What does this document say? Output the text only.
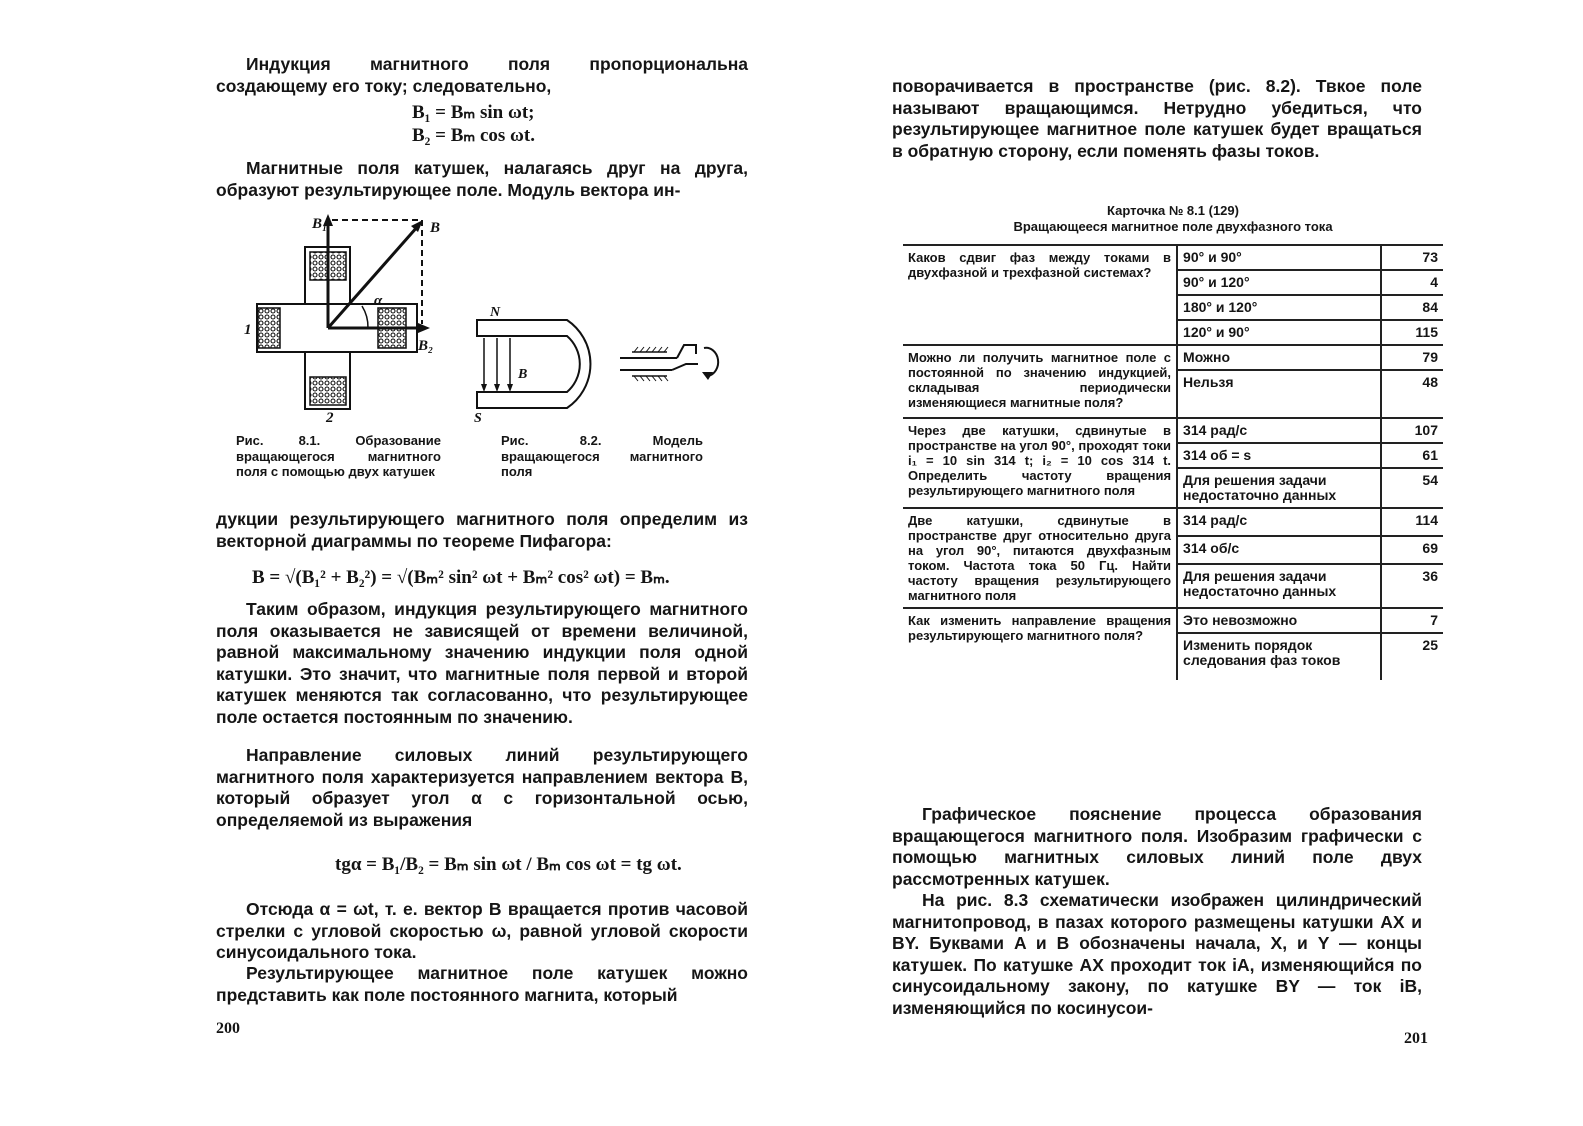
Индукция магнитного поля пропорциональна создающему его току; следовательно,

B₁ = Bₘ sin ωt;
B₂ = Bₘ cos ωt.

Магнитные поля катушек, налагаясь друг на друга, образуют результирующее поле. Модуль вектора ин-

B₁	B
B₂
α
1
2
N
S
B

Рис. 8.1. Образование вращающегося магнитного поля с помощью двух катушек

Рис. 8.2. Модель вращающегося магнитного поля

дукции результирующего магнитного поля определим из векторной диаграммы по теореме Пифагора:

B = √(B₁² + B₂²) = √(Bₘ² sin² ωt + Bₘ² cos² ωt) = Bₘ.

Таким образом, индукция результирующего магнитного поля оказывается не зависящей от времени величиной, равной максимальному значению индукции поля одной катушки. Это значит, что магнитные поля первой и второй катушек меняются так согласованно, что результирующее поле остается постоянным по значению.

Направление силовых линий результирующего магнитного поля характеризуется направлением вектора B, который образует угол α с горизонтальной осью, определяемой из выражения

tgα = B₁/B₂ = Bₘ sin ωt / Bₘ cos ωt = tg ωt.

Отсюда α = ωt, т. е. вектор B вращается против часовой стрелки с угловой скоростью ω, равной угловой скорости синусоидального тока.

Результирующее магнитное поле катушек можно представить как поле постоянного магнита, который

200

поворачивается в пространстве (рис. 8.2). Твкое поле называют вращающимся. Нетрудно убедиться, что результирующее магнитное поле катушек будет вращаться в обратную сторону, если поменять фазы токов.

Карточка № 8.1 (129)
Вращающееся магнитное поле двухфазного тока
Каков сдвиг фаз между токами в двухфазной и трехфазной системах?	90° и 90°	73
	90° и 120°	4
	180° и 120°	84
	120° и 90°	115
Можно ли получить магнитное поле с постоянной по значению индукцией, складывая периодически изменяющиеся магнитные поля?	Можно	79
	Нельзя	48
Через две катушки, сдвинутые в пространстве на угол 90°, проходят токи i₁ = 10 sin 314 t; i₂ = 10 cos 314 t. Определить частоту вращения результирующего магнитного поля	314 рад/с	107
	314 об = s	61
	Для решения задачи недостаточно данных	54
Две катушки, сдвинутые в пространстве друг относительно друга на угол 90°, питаются двухфазным током. Частота тока 50 Гц. Найти частоту вращения результирующего магнитного поля	314 рад/с	114
	314 об/с	69
	Для решения задачи недостаточно данных	36
Как изменить направление вращения результирующего магнитного поля?	Это невозможно	7
	Изменить порядок следования фаз токов	25

Графическое пояснение процесса образования вращающегося магнитного поля. Изобразим графически с помощью магнитных силовых линий поле двух рассмотренных катушек.

На рис. 8.3 схематически изображен цилиндрический магнитопровод, в пазах которого размещены катушки AX и BY. Буквами A и B обозначены начала, X, и Y — концы катушек. По катушке AX проходит ток iA, изменяющийся по синусоидальному закону, по катушке BY — ток iB, изменяющийся по косинусои-

201
